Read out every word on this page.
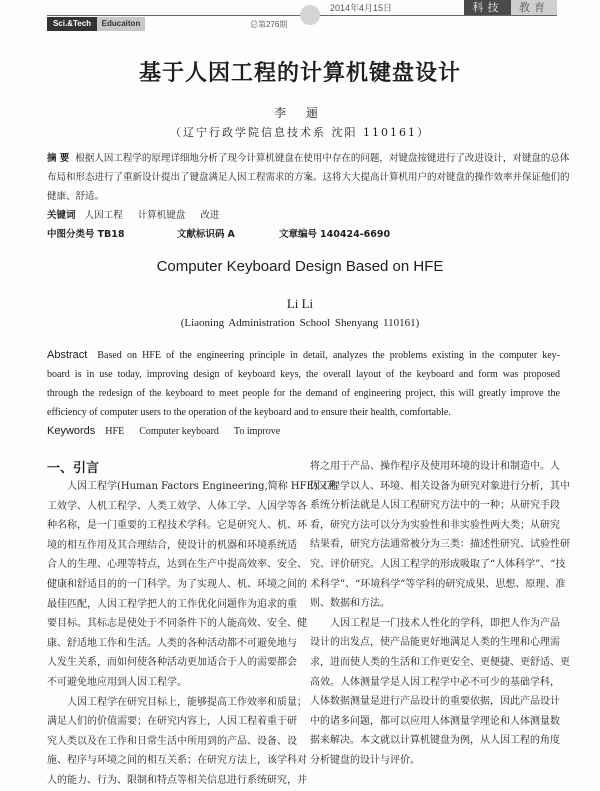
2014年4月15日	科技	教育
Sci.&Tech	Educaiton	总第276期
基于人因工程的计算机键盘设计
李 逦
（辽宁行政学院信息技术系 沈阳 110161）
摘 要 根据人因工程学的原理详细地分析了现今计算机键盘在使用中存在的问题，对键盘按键进行了改进设计，对键盘的总体
布局和形态进行了重新设计提出了键盘满足人因工程需求的方案。这将大大提高计算机用户的对键盘的操作效率并保证他们的
健康、舒适。
关键词 人因工程 计算机键盘 改进
中图分类号 TB18	文献标识码 A	文章编号 140424-6690
Computer Keyboard Design Based on HFE
Li Li
(Liaoning Administration School Shenyang 110161)
Abstract Based on HFE of the engineering principle in detail, analyzes the problems existing in the computer key-
board is in use today, improving design of keyboard keys, the overall layout of the keyboard and form was proposed
through the redesign of the keyboard to meet people for the demand of engineering project, this will greatly improve the
efficiency of computer users to the operation of the keyboard and to ensure their health, comfortable.
Keywords HFE Computer keyboard To improve
一、引言
人因工程学(Human Factors Engineering,简称 HFE)又称
工效学、人机工程学、人类工效学、人体工学、人因学等各
种名称，是一门重要的工程技术学科。它是研究人、机、环
境的相互作用及其合理结合，使设计的机器和环境系统适
合人的生理、心理等特点，达到在生产中提高效率、安全、
健康和舒适目的的一门科学。为了实现人、机、环境之间的
最佳匹配，人因工程学把人的工作优化问题作为追求的重
要目标。其标志是使处于不同条件下的人能高效、安全、健
康、舒适地工作和生活。人类的各种活动都不可避免地与
人发生关系，而如何使各种活动更加适合于人的需要都会
不可避免地应用到人因工程学。
人因工程学在研究目标上，能够提高工作效率和质量；
满足人们的价值需要；在研究内容上，人因工程着重于研
究人类以及在工作和日常生活中所用到的产品、设备、设
施、程序与环境之间的相互关系；在研究方法上，该学科对
人的能力、行为、限制和特点等相关信息进行系统研究，并
将之用于产品、操作程序及使用环境的设计和制造中。人
因工程学以人、环境、相关设备为研究对象进行分析，其中
系统分析法就是人因工程研究方法中的一种；从研究手段
看，研究方法可以分为实验性和非实验性两大类；从研究
结果看，研究方法通常被分为三类：描述性研究、试验性研
究、评价研究。人因工程学的形成吸取了“人体科学”、“技
术科学”、“环境科学”等学科的研究成果、思想、原理、准
则、数据和方法。
人因工程是一门技术人性化的学科，即把人作为产品
设计的出发点，使产品能更好地满足人类的生理和心理需
求，进而使人类的生活和工作更安全、更便捷、更舒适、更
高效。人体测量学是人因工程学中必不可少的基础学科，
人体数据测量是进行产品设计的重要依据，因此产品设计
中的诸多问题，都可以应用人体测量学理论和人体测量数
据来解决。本文就以计算机键盘为例，从人因工程的角度
分析键盘的设计与评价。
